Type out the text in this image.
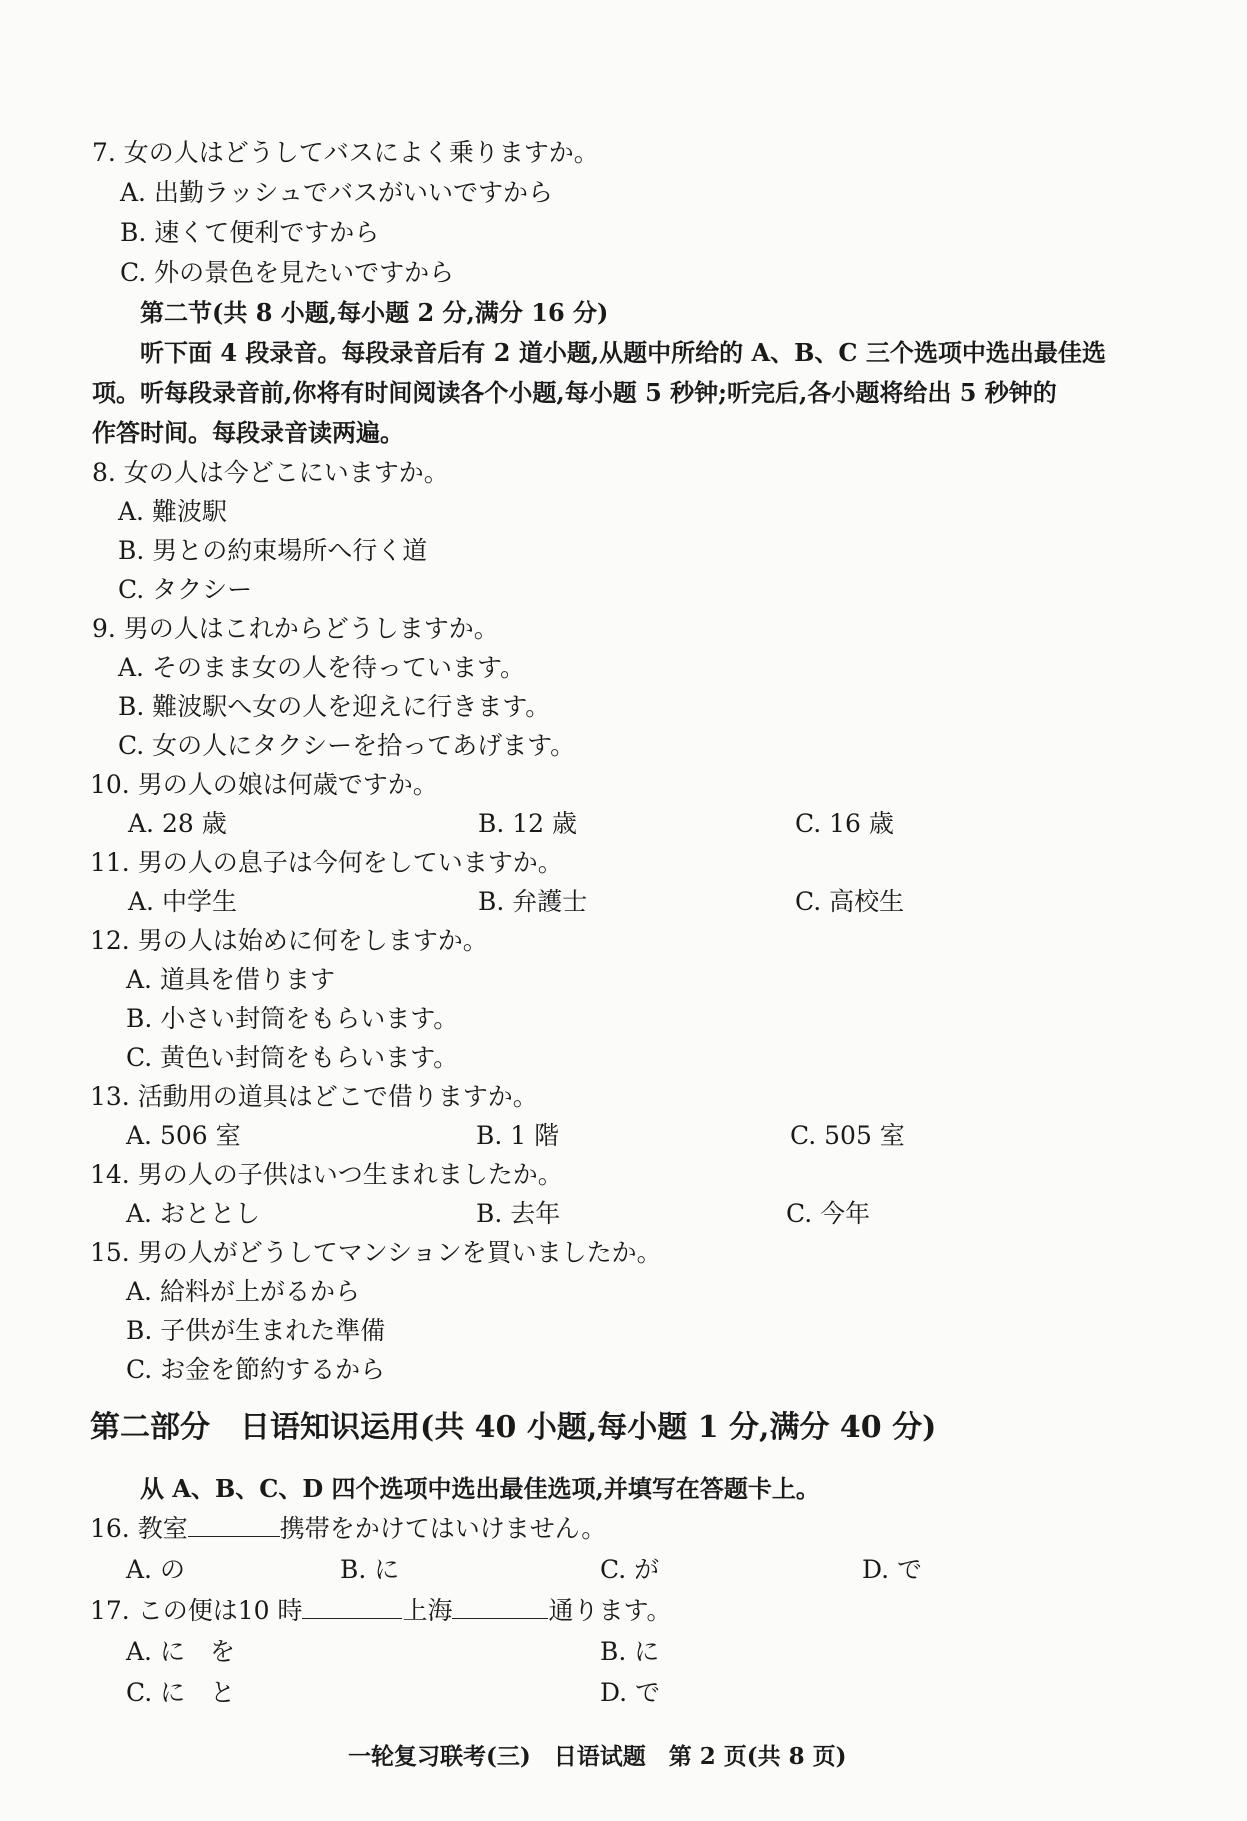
7. 女の人はどうしてバスによく乗りますか。
A. 出勤ラッシュでバスがいいですから
B. 速くて便利ですから
C. 外の景色を見たいですから
第二节(共 8 小题,每小题 2 分,满分 16 分)
听下面 4 段录音。每段录音后有 2 道小题,从题中所给的 A、B、C 三个选项中选出最佳选
项。听每段录音前,你将有时间阅读各个小题,每小题 5 秒钟;听完后,各小题将给出 5 秒钟的
作答时间。每段录音读两遍。
8. 女の人は今どこにいますか。
A. 難波駅
B. 男との約束場所へ行く道
C. タクシー
9. 男の人はこれからどうしますか。
A. そのまま女の人を待っています。
B. 難波駅へ女の人を迎えに行きます。
C. 女の人にタクシーを拾ってあげます。
10. 男の人の娘は何歳ですか。
A. 28 歳	B. 12 歳	C. 16 歳
11. 男の人の息子は今何をしていますか。
A. 中学生	B. 弁護士	C. 高校生
12. 男の人は始めに何をしますか。
A. 道具を借ります
B. 小さい封筒をもらいます。
C. 黄色い封筒をもらいます。
13. 活動用の道具はどこで借りますか。
A. 506 室	B. 1 階	C. 505 室
14. 男の人の子供はいつ生まれましたか。
A. おととし	B. 去年	C. 今年
15. 男の人がどうしてマンションを買いましたか。
A. 給料が上がるから
B. 子供が生まれた準備
C. お金を節約するから
第二部分　日语知识运用(共 40 小题,每小题 1 分,满分 40 分)
从 A、B、C、D 四个选项中选出最佳选项,并填写在答题卡上。
16. 教室	携帯をかけてはいけません。
A. の	B. に	C. が	D. で
17. この便は10 時	上海	通ります。
A. に　を	B. に
C. に　と	D. で
一轮复习联考(三)　日语试题　第 2 页(共 8 页)
